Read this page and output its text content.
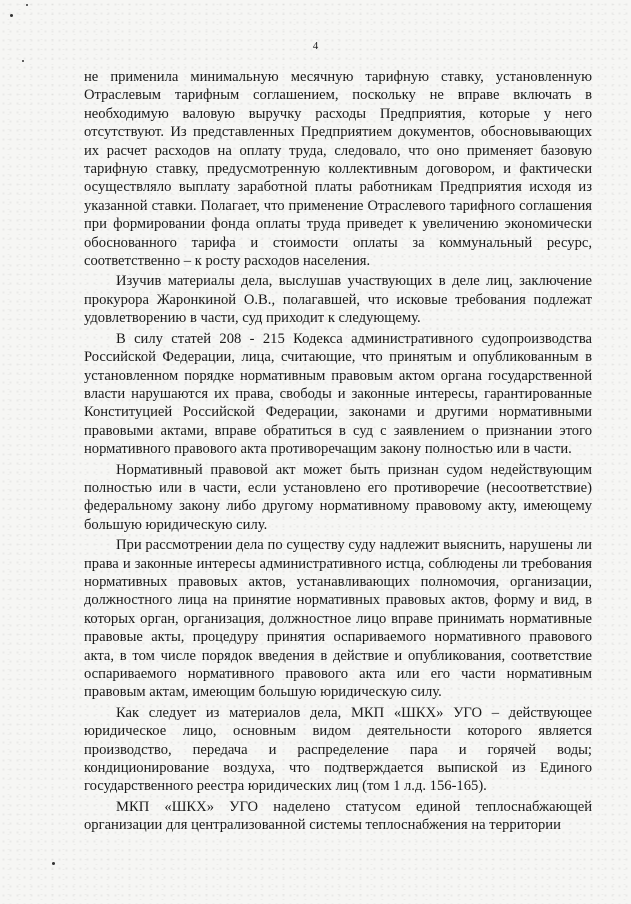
4

не применила минимальную месячную тарифную ставку, установленную Отраслевым тарифным соглашением, поскольку не вправе включать в необходимую валовую выручку расходы Предприятия, которые у него отсутствуют. Из представленных Предприятием документов, обосновывающих их расчет расходов на оплату труда, следовало, что оно применяет базовую тарифную ставку, предусмотренную коллективным договором, и фактически осуществляло выплату заработной платы работникам Предприятия исходя из указанной ставки. Полагает, что применение Отраслевого тарифного соглашения при формировании фонда оплаты труда приведет к увеличению экономически обоснованного тарифа и стоимости оплаты за коммунальный ресурс, соответственно – к росту расходов населения.

Изучив материалы дела, выслушав участвующих в деле лиц, заключение прокурора Жаронкиной О.В., полагавшей, что исковые требования подлежат удовлетворению в части, суд приходит к следующему.

В силу статей 208 - 215 Кодекса административного судопроизводства Российской Федерации, лица, считающие, что принятым и опубликованным в установленном порядке нормативным правовым актом органа государственной власти нарушаются их права, свободы и законные интересы, гарантированные Конституцией Российской Федерации, законами и другими нормативными правовыми актами, вправе обратиться в суд с заявлением о признании этого нормативного правового акта противоречащим закону полностью или в части.

Нормативный правовой акт может быть признан судом недействующим полностью или в части, если установлено его противоречие (несоответствие) федеральному закону либо другому нормативному правовому акту, имеющему большую юридическую силу.

При рассмотрении дела по существу суду надлежит выяснить, нарушены ли права и законные интересы административного истца, соблюдены ли требования нормативных правовых актов, устанавливающих полномочия, организации, должностного лица на принятие нормативных правовых актов, форму и вид, в которых орган, организация, должностное лицо вправе принимать нормативные правовые акты, процедуру принятия оспариваемого нормативного правового акта, в том числе порядок введения в действие и опубликования, соответствие оспариваемого нормативного правового акта или его части нормативным правовым актам, имеющим большую юридическую силу.

Как следует из материалов дела, МКП «ШКХ» УГО – действующее юридическое лицо, основным видом деятельности которого является производство, передача и распределение пара и горячей воды; кондиционирование воздуха, что подтверждается выпиской из Единого государственного реестра юридических лиц (том 1 л.д. 156-165).

МКП «ШКХ» УГО наделено статусом единой теплоснабжающей организации для централизованной системы теплоснабжения на территории
